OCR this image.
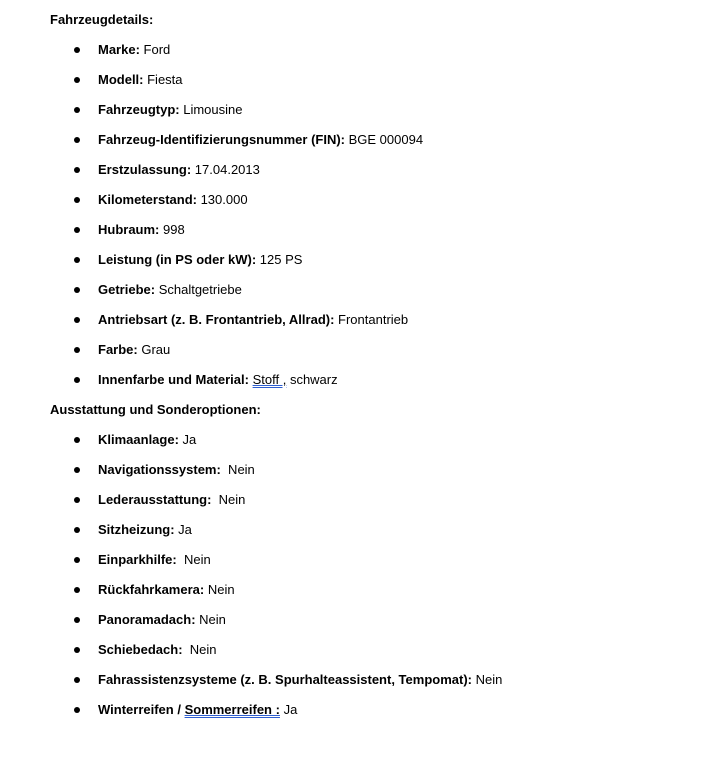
Fahrzeugdetails:
Marke: Ford
Modell: Fiesta
Fahrzeugtyp: Limousine
Fahrzeug-Identifizierungsnummer (FIN): BGE 000094
Erstzulassung: 17.04.2013
Kilometerstand: 130.000
Hubraum: 998
Leistung (in PS oder kW): 125 PS
Getriebe: Schaltgetriebe
Antriebsart (z. B. Frontantrieb, Allrad): Frontantrieb
Farbe: Grau
Innenfarbe und Material: Stoff , schwarz
Ausstattung und Sonderoptionen:
Klimaanlage: Ja
Navigationssystem:  Nein
Lederausstattung:  Nein
Sitzheizung: Ja
Einparkhilfe:  Nein
Rückfahrkamera: Nein
Panoramadach: Nein
Schiebedach:  Nein
Fahrassistenzsysteme (z. B. Spurhalteassistent, Tempomat): Nein
Winterreifen / Sommerreifen : Ja
